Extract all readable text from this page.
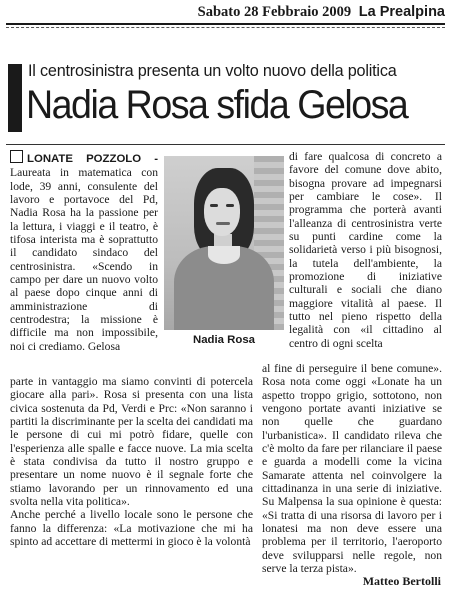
Sabato 28 Febbraio 2009 La Prealpina
Il centrosinistra presenta un volto nuovo della politica
Nadia Rosa sfida Gelosa

LONATE POZZOLO - Laureata in matematica con lode, 39 anni, consulente del lavoro e portavoce del Pd, Nadia Rosa ha la passione per la lettura, i viaggi e il teatro, è tifosa interista ma è soprattutto il candidato sindaco del centrosinistra. «Scendo in campo per dare un nuovo volto al paese dopo cinque anni di amministrazione di centrodestra; la missione è difficile ma non impossibile, noi ci crediamo. Gelosa	Nadia Rosa

parte in vantaggio ma siamo convinti di potercela giocare alla pari». Rosa si presenta con una lista civica sostenuta da Pd, Verdi e Prc: «Non saranno i partiti la discriminante per la scelta dei candidati ma le persone di cui mi potrò fidare, quelle con l'esperienza alle spalle e facce nuove. La mia scelta è stata condivisa da tutto il nostro gruppo e presentare un nome nuovo è il segnale forte che stiamo lavorando per un rinnovamento ed una svolta nella vita politica».

Anche perché a livello locale sono le persone che fanno la differenza: «La motivazione che mi ha spinto ad accettare di mettermi in gioco è la volontà

di fare qualcosa di concreto a favore del comune dove abito, bisogna provare ad impegnarsi per cambiare le cose». Il programma che porterà avanti l'alleanza di centrosinistra verte su punti cardine come la solidarietà verso i più bisognosi, la tutela dell'ambiente, la promozione di iniziative culturali e sociali che diano maggiore vitalità al paese. Il tutto nel pieno rispetto della legalità con «il cittadino al centro di ogni scelta

al fine di perseguire il bene comune». Rosa nota come oggi «Lonate ha un aspetto troppo grigio, sottotono, non vengono portate avanti iniziative se non quelle che guardano l'urbanistica». Il candidato rileva che c'è molto da fare per rilanciare il paese e guarda a modelli come la vicina Samarate attenta nel coinvolgere la cittadinanza in una serie di iniziative. Su Malpensa la sua opinione è questa: «Si tratta di una risorsa di lavoro per i lonatesi ma non deve essere una problema per il territorio, l'aeroporto deve svilupparsi nelle regole, non serve la terza pista».

Matteo Bertolli
